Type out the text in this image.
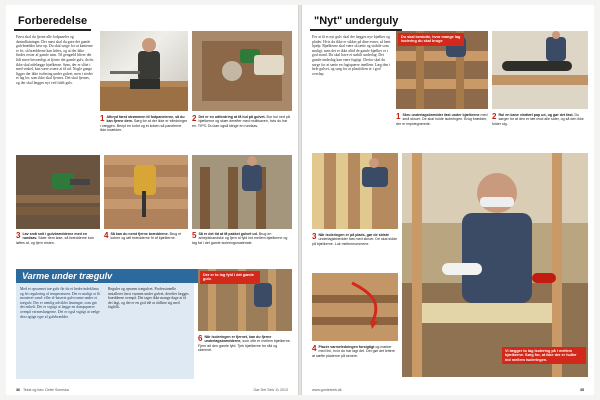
Forberedelse
Først skal du fjerne alle fodpaneler og dørindfatninger. Der næst skal du gøre det gamle gulvbrædder løse op. Du skal sørge for at kanterne er fri, så brædderne kan løftes, og at der ikke findes rester af gamle søm. Til gengæld bliver det lidt mere besværligt at fjerne det gamle gulv, da du ikke skal ødelægge bjælkerne. Søm, der er slået i med vinkel, kan være svære at få ud. Nogle gange ligger der ikke isolering under gulvet, men i stedet et lag ler, som ikke skal fjernes. Det skal fjernes, og der skal lægges nyt ved fuldt gulv.
1 Afbryd først strømmen til fodpanelerne, så du kan fjerne dem. Sørg for at der ikke er elledninger i væggen. Benyt en kofot og et koben så panelerne ikke knækker.
2 Det er en udfordring at få hul på gulvet. Bor hul ned på bjælkerne og skær derefter med multisaven, hvis du har en. TIPS: Du kan også klinge en rundsav.
3 Lav små snit i gulvbrædderne med en rundsav. Skær dem løse, så brædderne kan løftes af, og fjern resten.
4 Så kan du nemt fjerne brædderne. Brug et koben og løft brædderne fri af bjælkerne.	5 Så er det tid at få pakket gulvet ud. Brug en arbejdshandske og fjern al fyld ind mellem bjælkerne og tag fat i det gamle isoleringsmateriale.
Varme under trægulv
Med et opvarmet træ gulv får du et bedre indeklima og let regulering af temperaturen. Det er muligt at få monteret vand- eller el-baseret gulvvarme under et trægulv. Der er nemlig udviklet løsninger, som gør det enkelt. Det er vigtigt at lægge en dampspærre ovenpå varmeslangerne. Det er også vigtigt at vælge den rigtige type af gulvbrædder.
Reguler og opvarm trægulvet. Professionelle installerer først varmen under gulvet, derefter lægges brædderne ovenpå. Det tager ikke mange dage at få det lagt, og det er en god idé at rådføre sig med fagfolk.
Der er to lag fyld i det gamle gulv.
6 Når isoleringen er fjernet, kan du fjerne underlagsbrædderne, som ofte er mellem bjælkerne. Fjern alt den gamle fyld. Tjek bjælkerne for råd og skimmel.
36 Tekst og foto: Dette Svenska	Gør Det Selv 11 2013
"Nyt" underguly
For at få et nyt gulv skal der lægges nye bjælker og plader. Hvis du ikke er sikker på dine evner, så hent hjælp. Bjælkerne skal være så tætte og stabile som muligt, men det er ikke altid de gamle bjælker er i god stand. Du skal have et stabilt underlag. Det gamle underlag kan være fugtigt. Derfor skal du sørge for at sætte en fugtspærre imellem. Læg den i hele gulvet, og sørg for at plastfolien er i god overlap.
Du skal beslutte, hvor mange lag isolering du skal bruge
1 Skru underlagsbrædder fast under bjælkerne med små skruer. De skal holde isoleringen. Brug brædder, der er imprægnerede.
2 Rul en bane vindtæt pap ud, og gør det fast. Du sørger for at den er tæt mod alle sider, og så den ikke folder sig.
3 Når isoleringen er på plads, gør de sidste underlagsbrædder fast med skruer. De skal sidde på bjælkerne. Luk mellemrummene.
4 Placér varmeledningen forsigtigt og marker med lim, hvor du har lagt det. Det gør det lettere at sætte pladerne på senere.
Vi lægger to lag isolering på i mellem bjælkerne. Sørg for, at ikke der er huller ind mellem isoleringen.
www.gordetselv.dk	35
